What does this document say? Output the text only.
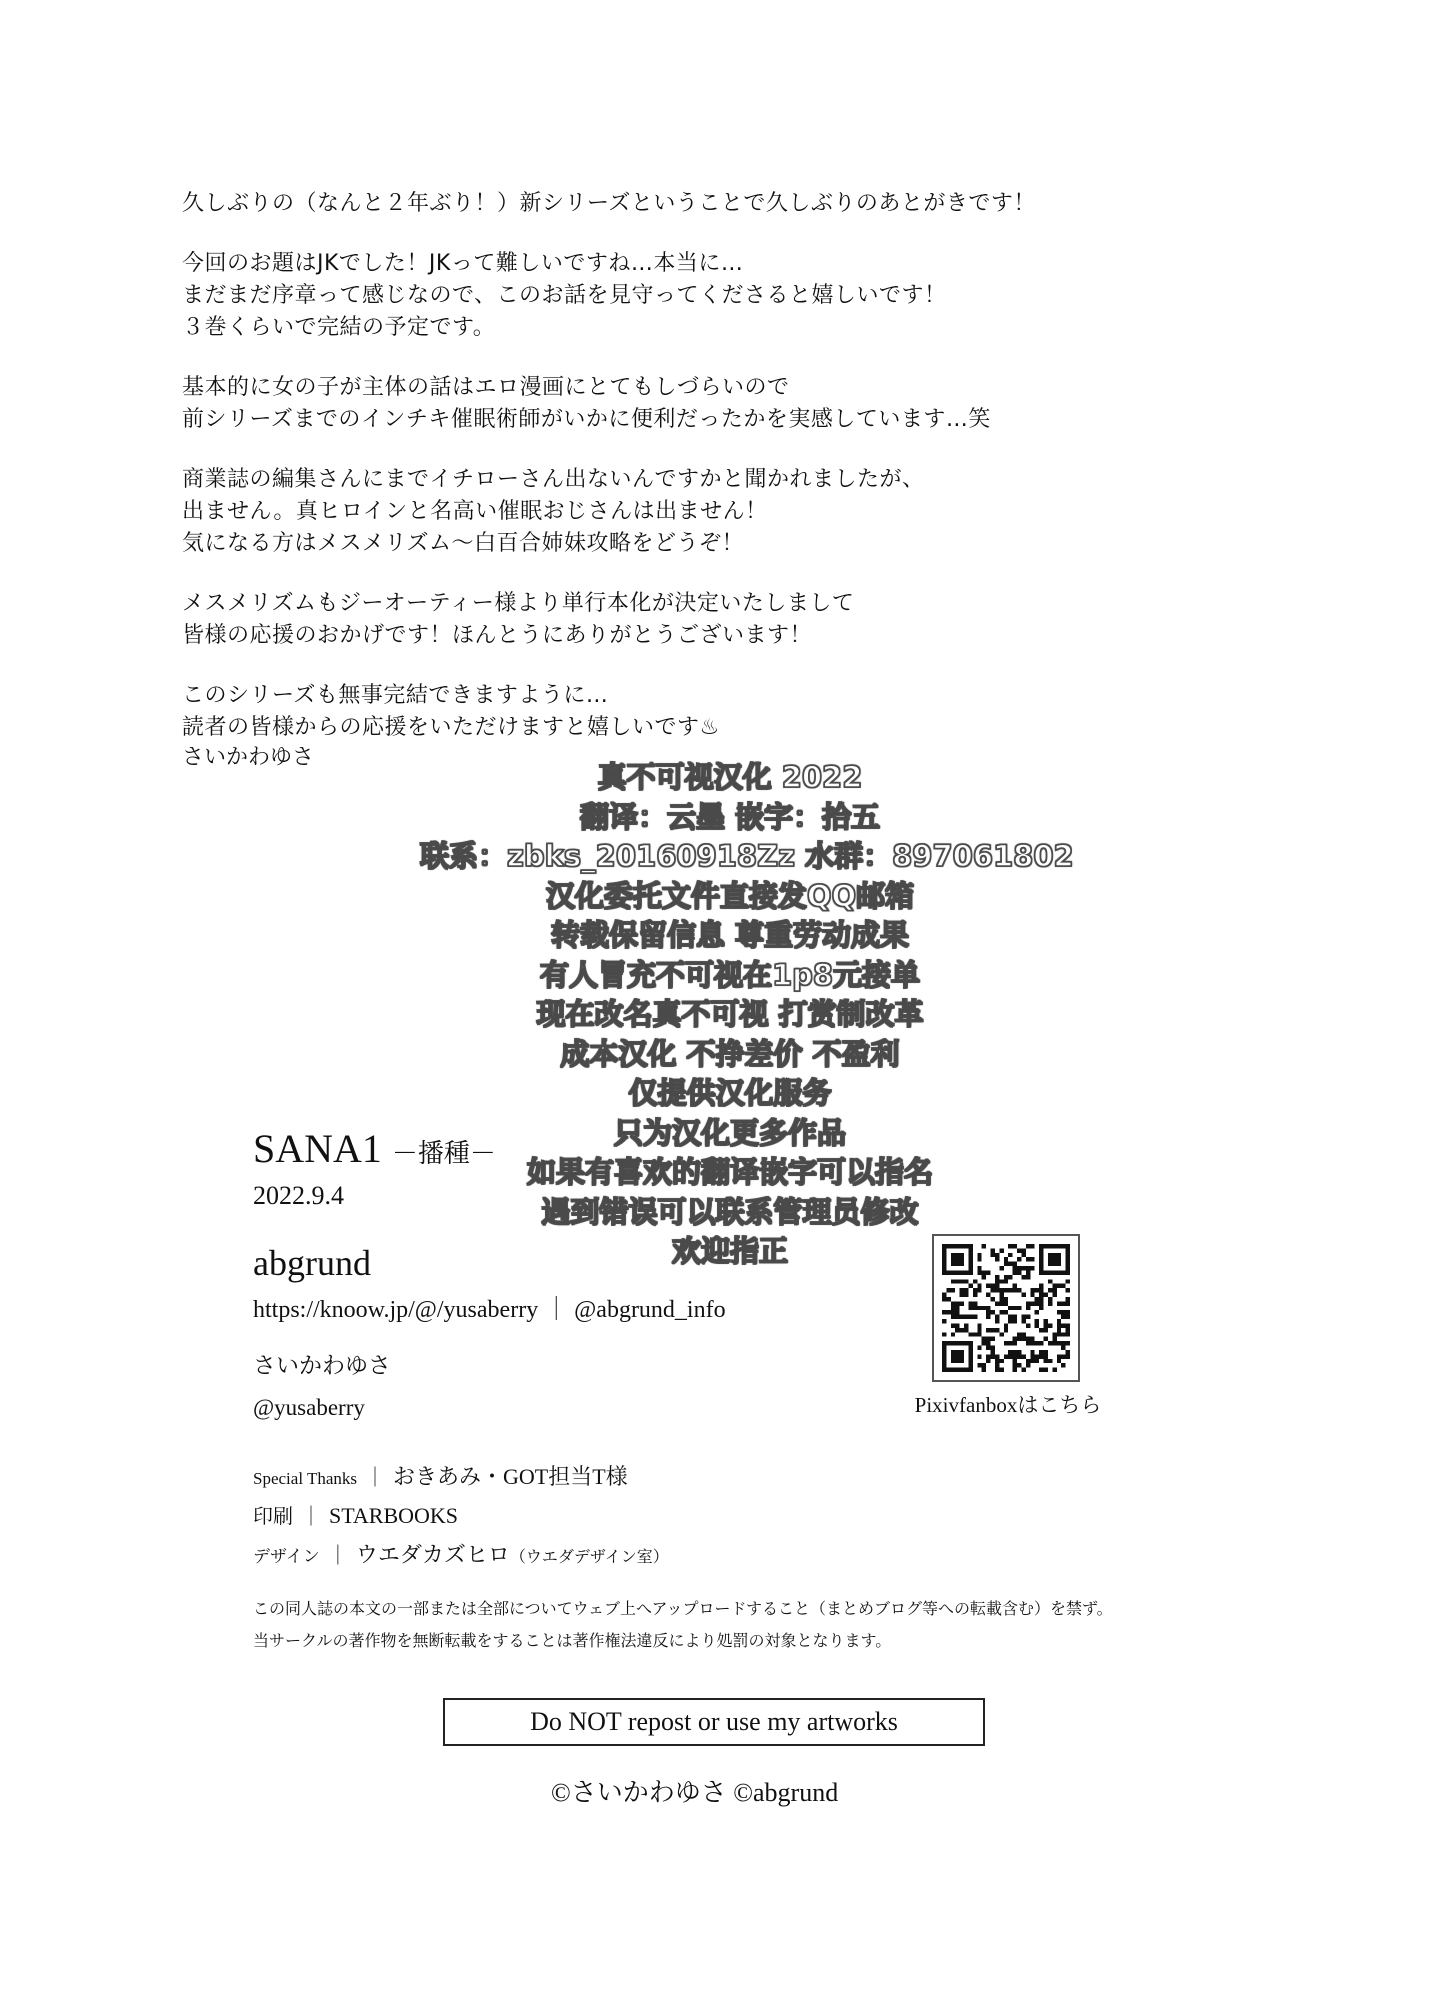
久しぶりの（なんと２年ぶり！）新シリーズということで久しぶりのあとがきです！
今回のお題はJKでした！JKって難しいですね…本当に…
まだまだ序章って感じなので、このお話を見守ってくださると嬉しいです！
３巻くらいで完結の予定です。
基本的に女の子が主体の話はエロ漫画にとてもしづらいので
前シリーズまでのインチキ催眠術師がいかに便利だったかを実感しています…笑
商業誌の編集さんにまでイチローさん出ないんですかと聞かれましたが、
出ません。真ヒロインと名高い催眠おじさんは出ません！
気になる方はメスメリズム～白百合姉妹攻略をどうぞ！
メスメリズムもジーオーティー様より単行本化が決定いたしまして
皆様の応援のおかげです！ほんとうにありがとうございます！
このシリーズも無事完結できますように…
読者の皆様からの応援をいただけますと嬉しいです♨
さいかわゆさ
真不可视汉化 2022
翻译：云墨 嵌字：拾五
联系：zbks_20160918Zz 水群：897061802
汉化委托文件直接发QQ邮箱
转载保留信息 尊重劳动成果
有人冒充不可视在1p8元接单
现在改名真不可视 打赏制改革
成本汉化 不挣差价 不盈利
仅提供汉化服务
只为汉化更多作品
如果有喜欢的翻译嵌字可以指名
遇到错误可以联系管理员修改
欢迎指正
SANA1 －播種－
2022.9.4
abgrund
https://knoow.jp/@/yusaberry ｜ @abgrund_info
さいかわゆさ
@yusaberry
Special Thanks ｜ おきあみ・GOT担当T様
印刷 ｜ STARBOOKS
デザイン ｜ ウエダカズヒロ（ウエダデザイン室）
この同人誌の本文の一部または全部についてウェブ上へアップロードすること（まとめブログ等への転載含む）を禁ず。
当サークルの著作物を無断転載をすることは著作権法違反により処罰の対象となります。
Do NOT repost or use my artworks
©さいかわゆさ ©abgrund
Pixivfanboxはこちら
